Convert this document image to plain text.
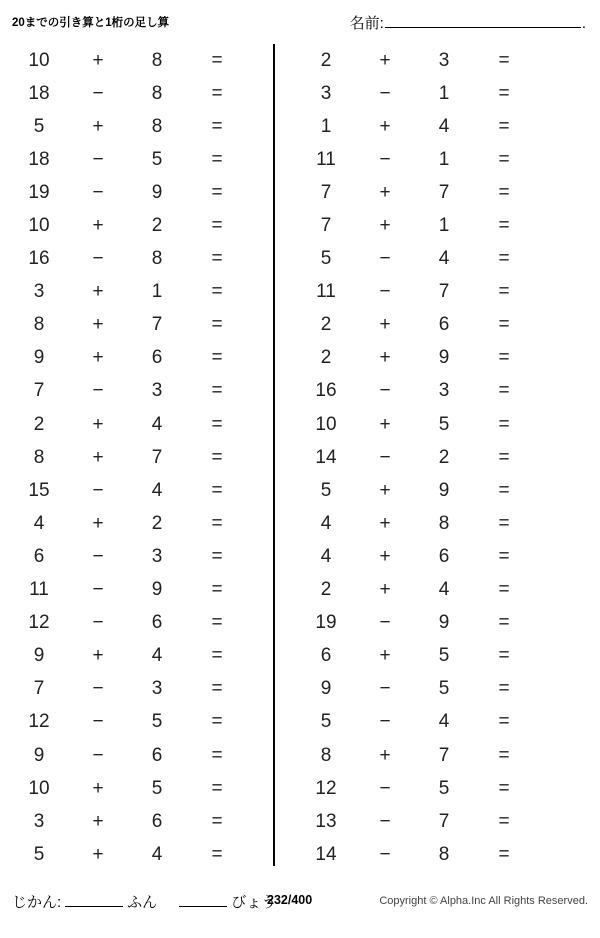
20までの引き算と1桁の足し算	名前:	.
10	+	8	=
18	−	8	=
5	+	8	=
18	−	5	=
19	−	9	=
10	+	2	=
16	−	8	=
3	+	1	=
8	+	7	=
9	+	6	=
7	−	3	=
2	+	4	=
8	+	7	=
15	−	4	=
4	+	2	=
6	−	3	=
11	−	9	=
12	−	6	=
9	+	4	=
7	−	3	=
12	−	5	=
9	−	6	=
10	+	5	=
3	+	6	=
5	+	4	=
2	+	3	=
3	−	1	=
1	+	4	=
11	−	1	=
7	+	7	=
7	+	1	=
5	−	4	=
11	−	7	=
2	+	6	=
2	+	9	=
16	−	3	=
10	+	5	=
14	−	2	=
5	+	9	=
4	+	8	=
4	+	6	=
2	+	4	=
19	−	9	=
6	+	5	=
9	−	5	=
5	−	4	=
8	+	7	=
12	−	5	=
13	−	7	=
14	−	8	=
じかん:	ふん	びょう
232/400	Copyright © Alpha.Inc All Rights Reserved.
